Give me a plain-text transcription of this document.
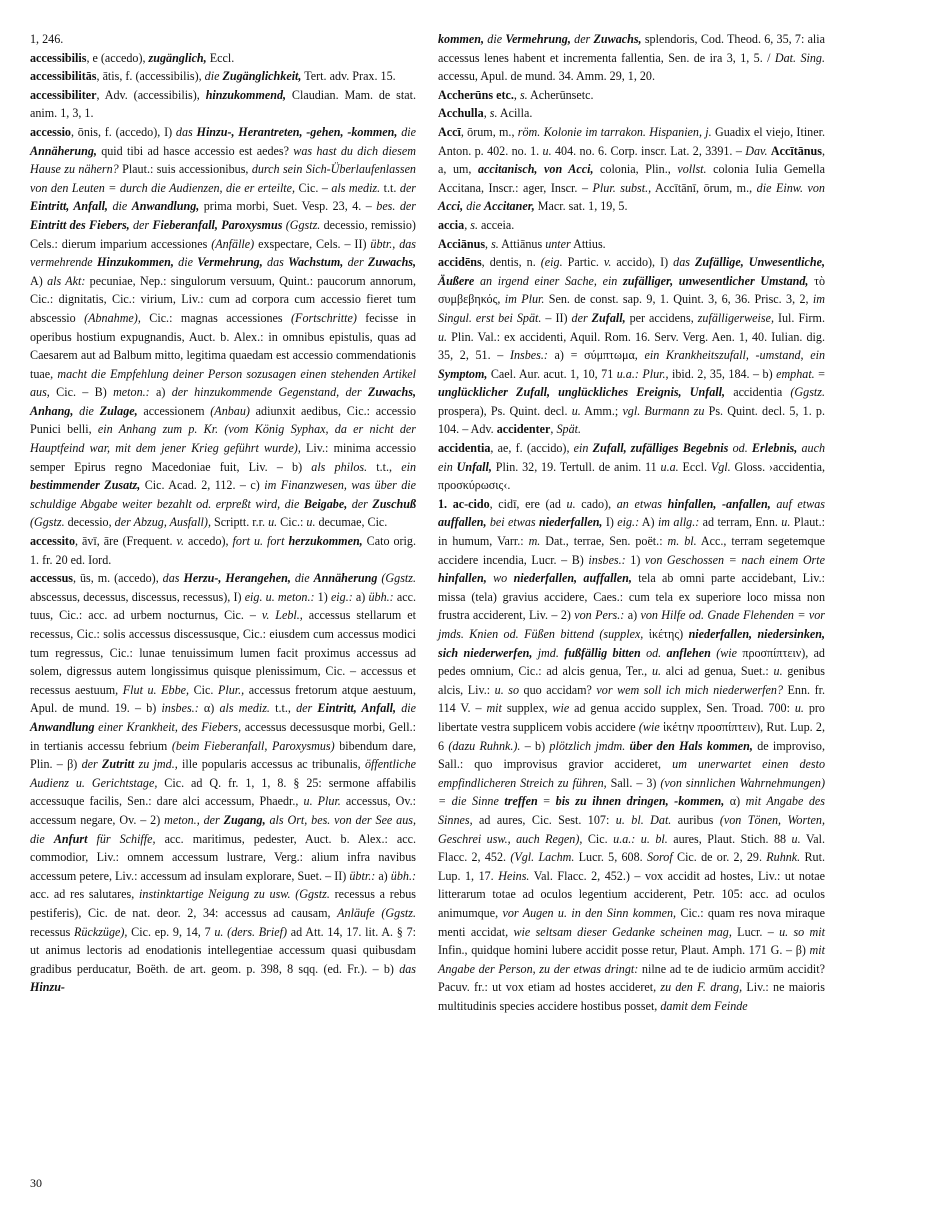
1, 246.

accessibilis, e (accedo), zugänglich, Eccl.

accessibilitās, ātis, f. (accessibilis), die Zugänglichkeit, Tert. adv. Prax. 15.

accessibiliter, Adv. (accessibilis), hinzukommend, Claudian. Mam. de stat. anim. 1, 3, 1.

accessio, ōnis, f. (accedo), I) das Hinzu-, Herantreten, -gehen, -kommen, die Annäherung, quid tibi ad hasce accessio est aedes? was hast du dich diesem Hause zu nähern? Plaut.: suis accessionibus, durch sein Sich-Überlaufenlassen von den Leuten = durch die Audienzen, die er erteilte, Cic. – als mediz. t.t. der Eintritt, Anfall, die Anwandlung, prima morbi, Suet. Vesp. 23, 4. – bes. der Eintritt des Fiebers, der Fieberanfall, Paroxysmus (Ggstz. decessio, remissio) Cels.: dierum imparium accessiones (Anfälle) exspectare, Cels. – II) übtr., das vermehrende Hinzukommen, die Vermehrung, das Wachstum, der Zuwachs, A) als Akt: pecuniae, Nep.: singulorum versuum, Quint.: paucorum annorum, Cic.: dignitatis, Cic.: virium, Liv.: cum ad corpora cum accessio fieret tum abscessio (Abnahme), Cic.: magnas accessiones (Fortschritte) fecisse in operibus hostium expugnandis, Auct. b. Alex.: in omnibus epistulis, quas ad Caesarem aut ad Balbum mitto, legitima quaedam est accessio commendationis tuae, macht die Empfehlung deiner Person sozusagen einen stehenden Artikel aus, Cic. – B) meton.: a) der hinzukommende Gegenstand, der Zuwachs, Anhang, die Zulage, accessionem (Anbau) adiunxit aedibus, Cic.: accessio Punici belli, ein Anhang zum p. Kr. (vom König Syphax, da er nicht der Hauptfeind war, mit dem jener Krieg geführt wurde), Liv.: minima accessio semper Epirus regno Macedoniae fuit, Liv. – b) als philos. t.t., ein bestimmender Zusatz, Cic. Acad. 2, 112. – c) im Finanzwesen, was über die schuldige Abgabe weiter bezahlt od. erpreßt wird, die Beigabe, der Zuschuß (Ggstz. decessio, der Abzug, Ausfall), Scriptt. r.r. u. Cic.: u. decumae, Cic.

accessito, āvī, āre (Frequent. v. accedo), fort u. fort herzukommen, Cato orig. 1. fr. 20 ed. Iord.

accessus, ūs, m. (accedo), das Herzu-, Herangehen, die Annäherung (Ggstz. abscessus, decessus, discessus, recessus), I) eig. u. meton.: 1) eig.: a) übh.: acc. tuus, Cic.: acc. ad urbem nocturnus, Cic. – v. Lebl., accessus stellarum et recessus, Cic.: solis accessus discessusque, Cic.: eiusdem cum accessus modici tum regressus, Cic.: lunae tenuissimum lumen facit proximus accessus ad solem, digressus autem longissimus quisque plenissimum, Cic. – accessus et recessus aestuum, Flut u. Ebbe, Cic. Plur., accessus fretorum atque aestuum, Apul. de mund. 19. – b) insbes.: α) als mediz. t.t., der Eintritt, Anfall, die Anwandlung einer Krankheit, des Fiebers, accessus decessusque morbi, Gell.: in tertianis accessu febrium (beim Fieberanfall, Paroxysmus) bibendum dare, Plin. – β) der Zutritt zu jmd., ille popularis accessus ac tribunalis, öffentliche Audienz u. Gerichtstage, Cic. ad Q. fr. 1, 1, 8. § 25: sermone affabilis accessuque facilis, Sen.: dare alci accessum, Phaedr., u. Plur. accessus, Ov.: accessum negare, Ov. – 2) meton., der Zugang, als Ort, bes. von der See aus, die Anfurt für Schiffe, acc. maritimus, pedester, Auct. b. Alex.: acc. commodior, Liv.: omnem accessum lustrare, Verg.: alium infra navibus accessum petere, Liv.: accessum ad insulam explorare, Suet. – II) übtr.: a) übh.: acc. ad res salutares, instinktartige Neigung zu usw. (Ggstz. recessus a rebus pestiferis), Cic. de nat. deor. 2, 34: accessus ad causam, Anläufe (Ggstz. recessus Rückzüge), Cic. ep. 9, 14, 7 u. (ders. Brief) ad Att. 14, 17. lit. A. § 7: ut animus lectoris ad enodationis intellegentiae accessum quasi quibusdam gradibus perducatur, Boëth. de art. geom. p. 398, 8 sqq. (ed. Fr.). – b) das Hinzu-

kommen, die Vermehrung, der Zuwachs, splendoris, Cod. Theod. 6, 35, 7: alia accessus lenes habent et incrementa fallentia, Sen. de ira 3, 1, 5. / Dat. Sing. accessu, Apul. de mund. 34. Amm. 29, 1, 20.

Accherūns etc., s. Acherūnsetc.

Acchulla, s. Acilla.

Accī, ōrum, m., röm. Kolonie im tarrakon. Hispanien, j. Guadix el viejo, Itiner. Anton. p. 402. no. 1. u. 404. no. 6. Corp. inscr. Lat. 2, 3391. – Dav. Accītānus, a, um, accitanisch, von Acci, colonia, Plin., vollst. colonia Iulia Gemella Accitana, Inscr.: ager, Inscr. – Plur. subst., Accītānī, ōrum, m., die Einw. von Acci, die Accitaner, Macr. sat. 1, 19, 5.

accia, s. acceia.

Acciānus, s. Attiānus unter Attius.

accidēns, dentis, n. (eig. Partic. v. accido), I) das Zufällige, Unwesentliche, Äußere an irgend einer Sache, ein zufälliger, unwesentlicher Umstand, τὸ συμβεβηκός, im Plur. Sen. de const. sap. 9, 1. Quint. 3, 6, 36. Prisc. 3, 2, im Singul. erst bei Spät. – II) der Zufall, per accidens, zufälligerweise, Iul. Firm. u. Plin. Val.: ex accidenti, Aquil. Rom. 16. Serv. Verg. Aen. 1, 40. Iulian. dig. 35, 2, 51. – Insbes.: a) = σύμπτωμα, ein Krankheitszufall, -umstand, ein Symptom, Cael. Aur. acut. 1, 10, 71 u.a.: Plur., ibid. 2, 35, 184. – b) emphat. = unglücklicher Zufall, unglückliches Ereignis, Unfall, accidentia (Ggstz. prospera), Ps. Quint. decl. u. Amm.; vgl. Burmann zu Ps. Quint. decl. 5, 1. p. 104. – Adv. accidenter, Spät.

accidentia, ae, f. (accido), ein Zufall, zufälliges Begebnis od. Erlebnis, auch ein Unfall, Plin. 32, 19. Tertull. de anim. 11 u.a. Eccl. Vgl. Gloss. ›accidentia, προσκύρωσις‹.

1. ac-cido, cidī, ere (ad u. cado), an etwas hinfallen, -anfallen, auf etwas auffallen, bei etwas niederfallen, I) eig.: A) im allg.: ad terram, Enn. u. Plaut.: in humum, Varr.: m. Dat., terrae, Sen. poët.: m. bl. Acc., terram segetemque accidere incendia, Lucr. – B) insbes.: 1) von Geschossen = nach einem Orte hinfallen, wo niederfallen, auffallen, tela ab omni parte accidebant, Liv.: missa (tela) gravius accidere, Caes.: cum tela ex superiore loco missa non frustra acciderent, Liv. – 2) von Pers.: a) von Hilfe od. Gnade Flehenden = vor jmds. Knien od. Füßen bittend (supplex, ἱκέτης) niederfallen, niedersinken, sich niederwerfen, jmd. fußfällig bitten od. anflehen (wie προσπίπτειν), ad pedes omnium, Cic.: ad alcis genua, Ter., u. alci ad genua, Suet.: u. genibus alcis, Liv.: u. so quo accidam? vor wem soll ich mich niederwerfen? Enn. fr. 114 V. – mit supplex, wie ad genua accido supplex, Sen. Troad. 700: u. pro libertate vestra supplicem vobis accidere (wie ἱκέτην προσπίπτειν), Rut. Lup. 2, 6 (dazu Ruhnk.). – b) plötzlich jmdm. über den Hals kommen, de improviso, Sall.: quo improvisus gravior accideret, um unerwartet einen desto empfindlicheren Streich zu führen, Sall. – 3) (von sinnlichen Wahrnehmungen) = die Sinne treffen = bis zu ihnen dringen, -kommen, α) mit Angabe des Sinnes, ad aures, Cic. Sest. 107: u. bl. Dat. auribus (von Tönen, Worten, Geschrei usw., auch Regen), Cic. u.a.: u. bl. aures, Plaut. Stich. 88 u. Val. Flacc. 2, 452. (Vgl. Lachm. Lucr. 5, 608. Sorof Cic. de or. 2, 29. Ruhnk. Rut. Lup. 1, 17. Heins. Val. Flacc. 2, 452.) – vox accidit ad hostes, Liv.: ut notae litterarum totae ad oculos legentium acciderent, Petr. 105: acc. ad oculos animumque, vor Augen u. in den Sinn kommen, Cic.: quam res nova miraque menti accidat, wie seltsam dieser Gedanke scheinen mag, Lucr. – u. so mit Infin., quidque homini lubere accidit posse retur, Plaut. Amph. 171 G. – β) mit Angabe der Person, zu der etwas dringt: nilne ad te de iudicio armūm accidit? Pacuv. fr.: ut vox etiam ad hostes accideret, zu den F. drang, Liv.: ne maioris multitudinis species accidere hostibus posset, damit dem Feinde

30
